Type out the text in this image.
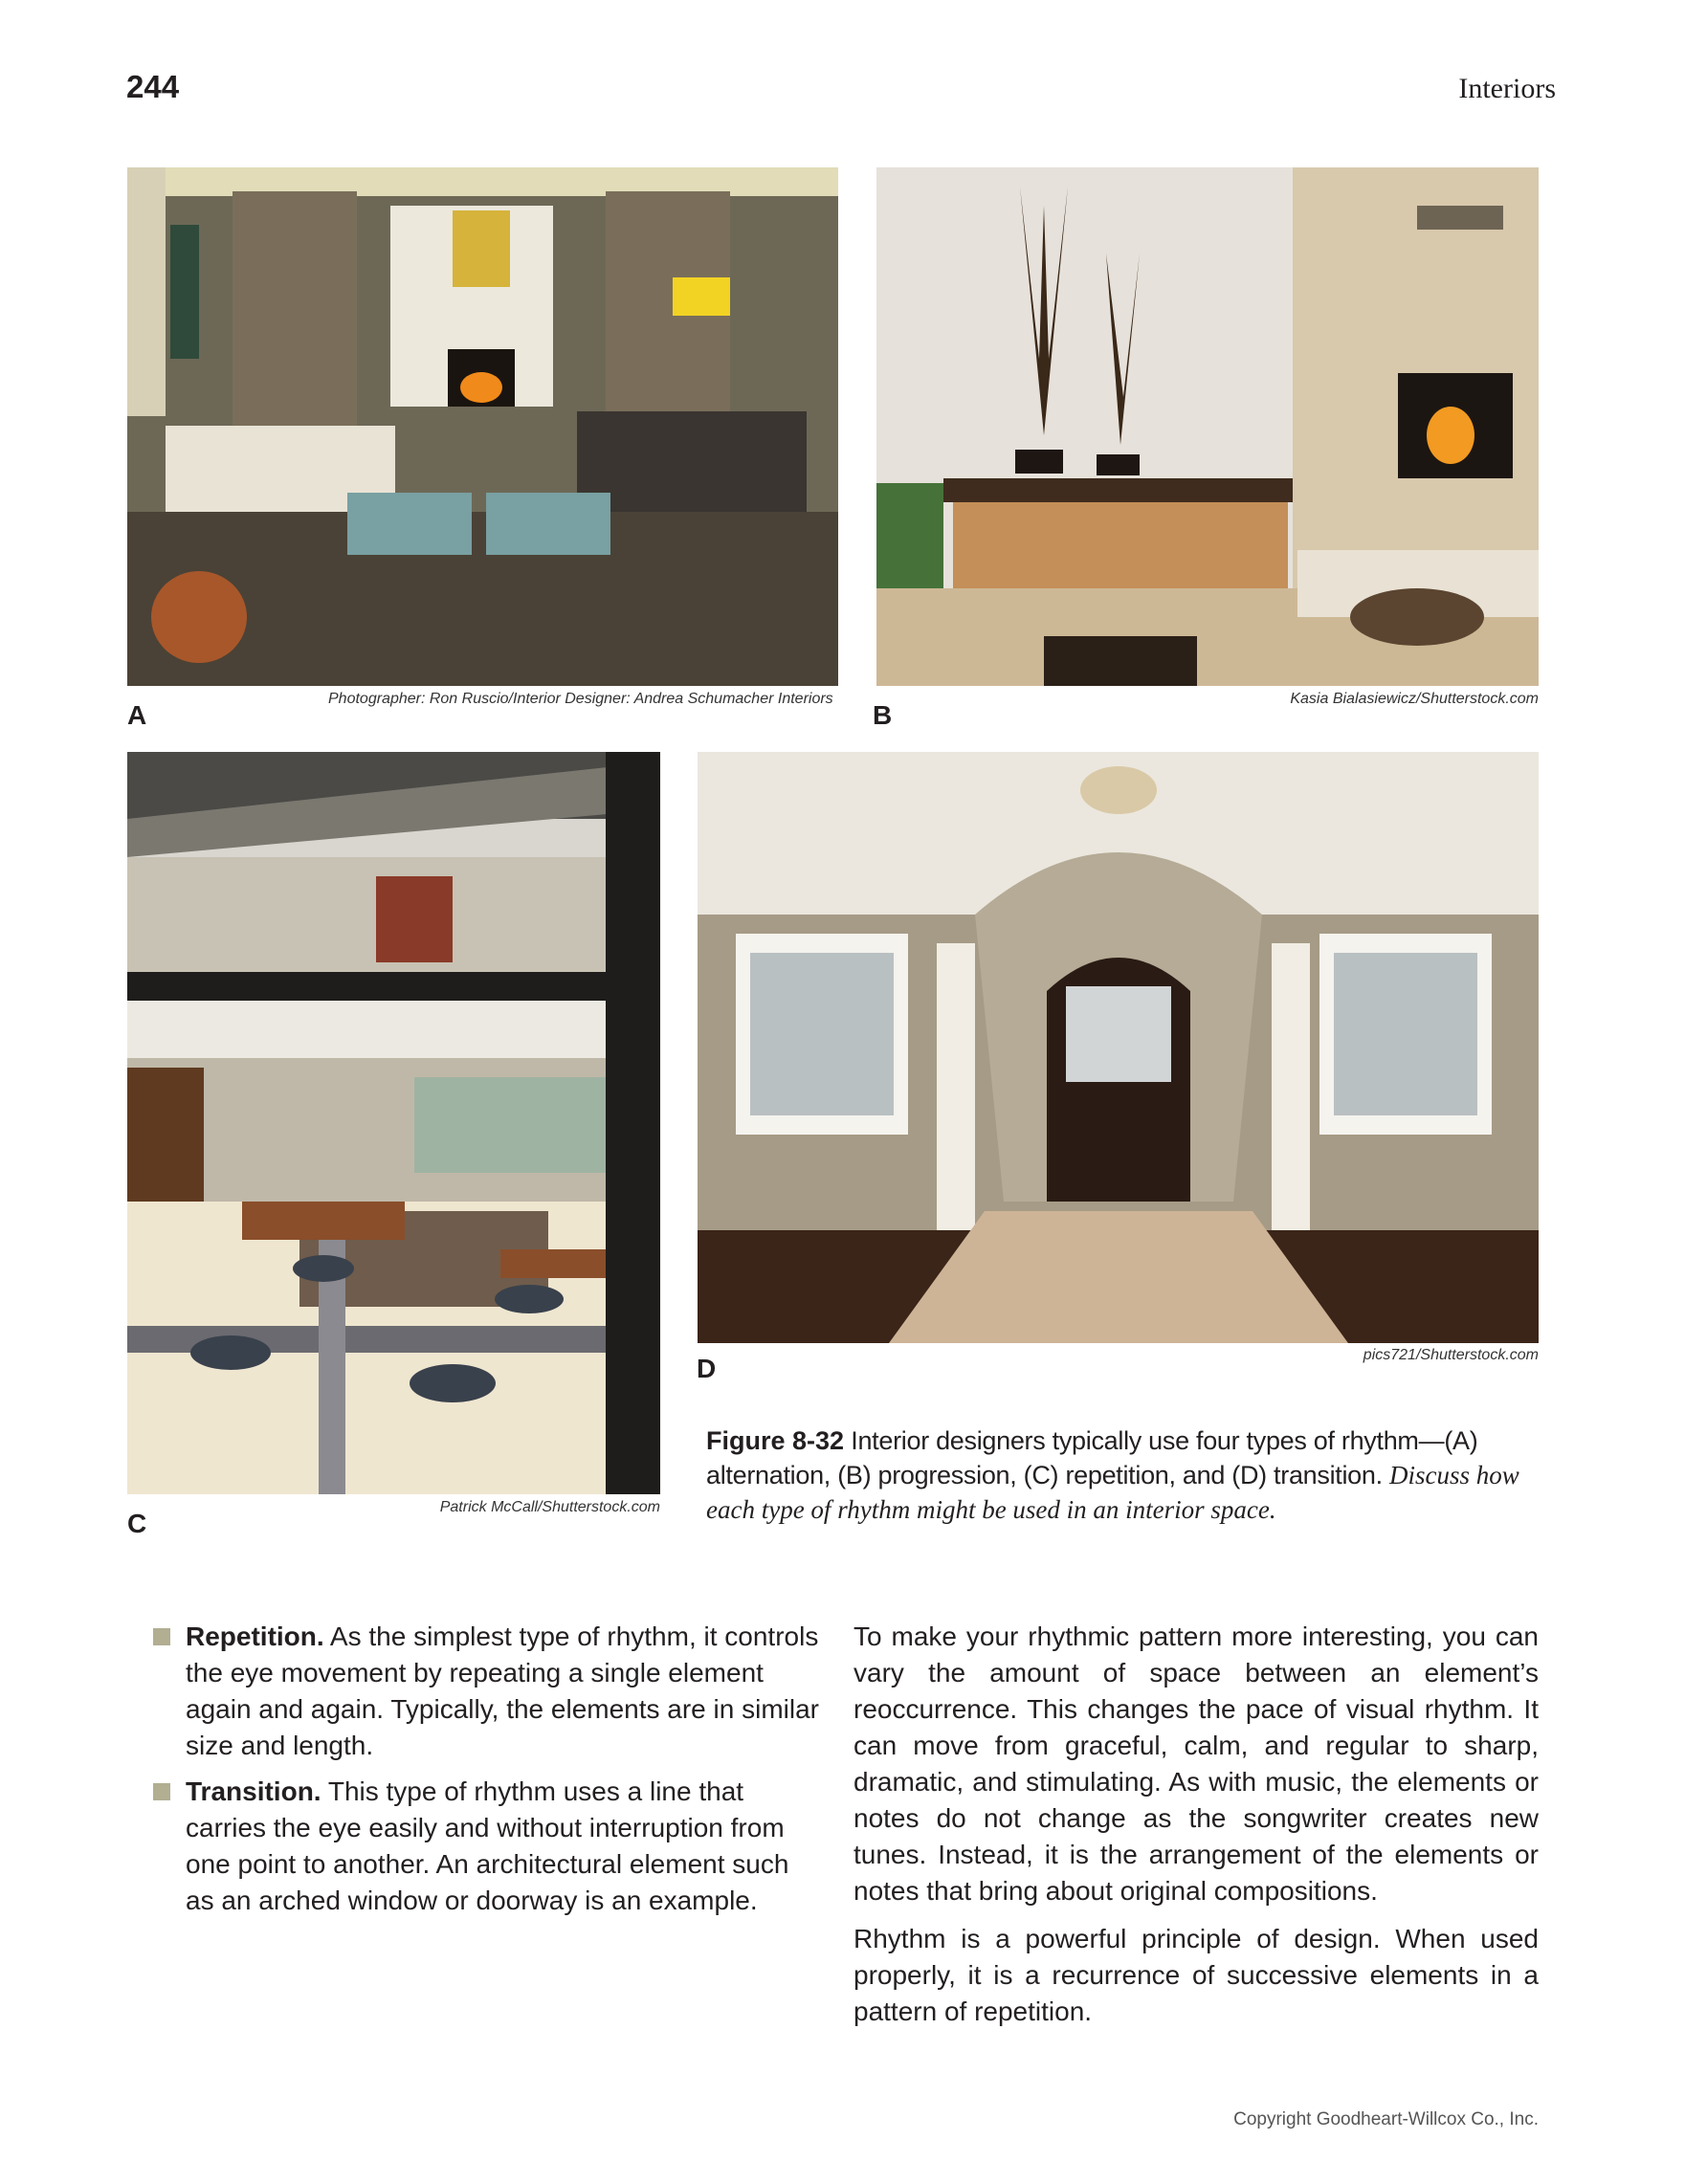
244	Interiors
A
Photographer: Ron Ruscio/Interior Designer: Andrea Schumacher Interiors
B
Kasia Bialasiewicz/Shutterstock.com
C
Patrick McCall/Shutterstock.com
D	pics721/Shutterstock.com
Figure 8-32 Interior designers typically use four types of rhythm—(A) alternation, (B) progression, (C) repetition, and (D) transition. Discuss how each type of rhythm might be used in an interior space.
Repetition. As the simplest type of rhythm, it controls the eye movement by repeating a single element again and again. Typically, the elements are in similar size and length.
Transition. This type of rhythm uses a line that carries the eye easily and without interruption from one point to another. An architectural element such as an arched window or doorway is an example.

To make your rhythmic pattern more interesting, you can vary the amount of space between an element’s reoccurrence. This changes the pace of visual rhythm. It can move from graceful, calm, and regular to sharp, dramatic, and stimulating. As with music, the elements or notes do not change as the songwriter creates new tunes. Instead, it is the arrangement of the elements or notes that bring about original compositions.

Rhythm is a powerful principle of design. When used properly, it is a recurrence of successive elements in a pattern of repetition.

Copyright Goodheart-Willcox Co., Inc.
